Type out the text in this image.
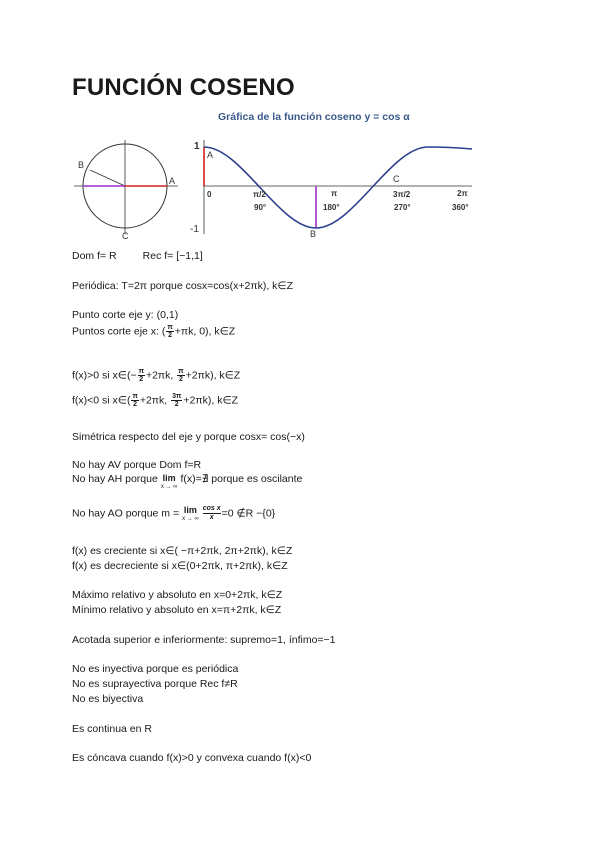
FUNCIÓN COSENO
Gráfica de la función coseno y = cos α
B
A
C
1
-1
0
A
B
C
π/2
90°
π
180°
3π/2
270°
2π
360°
Dom f= R Rec f= [−1,1]
Periódica: T=2π porque cosx=cos(x+2πk), k∈Z
Punto corte eje y: (0,1)
Puntos corte eje x: ( $\frac{\pi}{2} +\pi k$, 0), k∈Z
f(x)>0 si x∈(− $\frac{\pi}{2} +2\pi k$, $\frac{\pi}{2} +2\pi k$), k∈Z
f(x)<0 si x∈( $\frac{\pi}{2} +2\pi k$, $\frac{3\pi}{2} +2\pi k$), k∈Z
Simétrica respecto del eje y porque cosx= cos(−x)
No hay AV porque Dom f=R
No hay AH porque lim
x → ∞
f(x)=∄ porque es oscilante
No hay AO porque m = lim
x → ∞ $\frac{\text{cos x}}{x} =0$ ∉R −{0}
f(x) es creciente si x∈( −π+2πk, 2π+2πk), k∈Z
f(x) es decreciente si x∈(0+2πk, π+2πk), k∈Z
Máximo relativo y absoluto en x=0+2πk, k∈Z
Mínimo relativo y absoluto en x=π+2πk, k∈Z
Acotada superior e inferiormente: supremo=1, ínfimo=−1
No es inyectiva porque es periódica
No es suprayectiva porque Rec f≠R
No es biyectiva
Es continua en R
Es cóncava cuando f(x)>0 y convexa cuando f(x)<0
